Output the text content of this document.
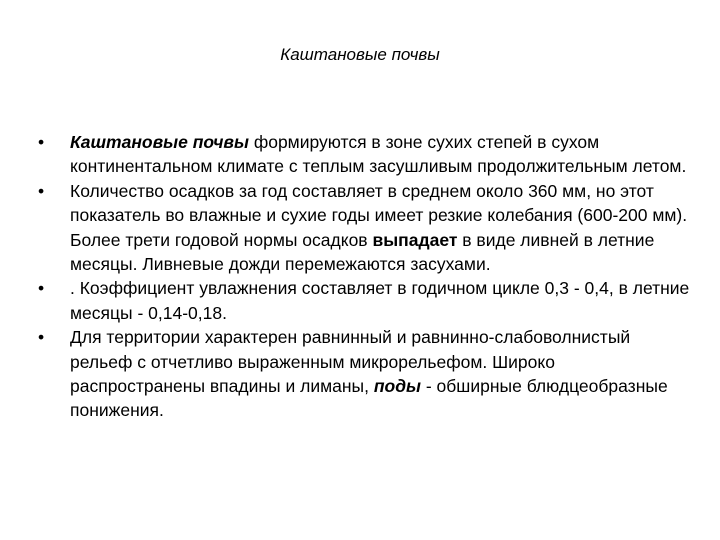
Каштановые почвы
• Каштановые почвы формируются в зоне сухих степей в сухом континентальном климате с теплым засушливым продолжительным летом.
• Количество осадков за год составляет в среднем около 360 мм, но этот показатель во влажные и сухие годы имеет резкие колебания (600-200 мм). Более трети годовой нормы осадков выпадает в виде ливней в летние месяцы. Ливневые дожди перемежаются засухами.
• . Коэффициент увлажнения составляет в годичном цикле 0,3 - 0,4, в летние месяцы - 0,14-0,18.
• Для территории характерен равнинный и равнинно-слабоволнистый рельеф с отчетливо выраженным микрорельефом. Широко распространены впадины и лиманы, поды - обширные блюдцеобразные понижения.
